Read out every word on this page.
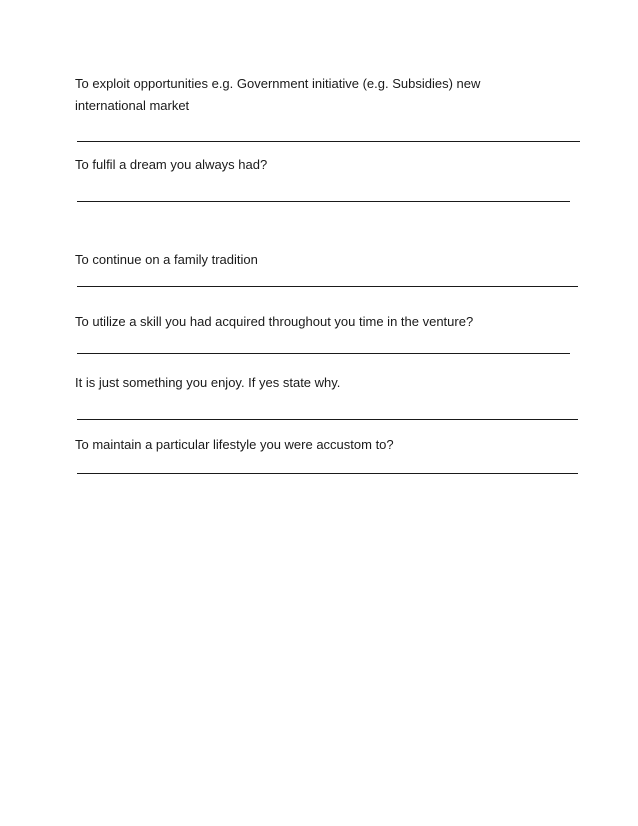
To exploit opportunities e.g. Government initiative (e.g. Subsidies) new
international market

To fulfil a dream you always had?

To continue on a family tradition

To utilize a skill you had acquired throughout you time in the venture?

It is just something you enjoy. If yes state why.

To maintain a particular lifestyle you were accustom to?
